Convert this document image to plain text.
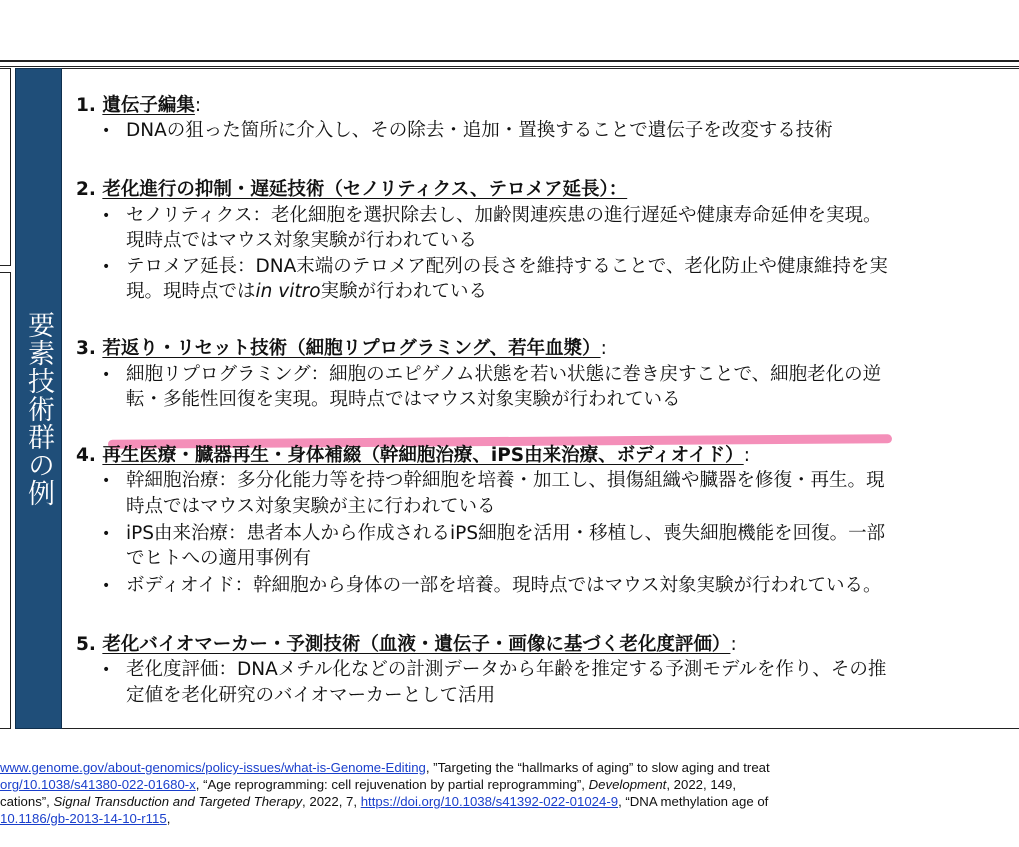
要素技術群の例
1. 遺伝子編集:
• DNAの狙った箇所に介入し、その除去・追加・置換することで遺伝子を改変する技術
2. 老化進行の抑制・遅延技術（セノリティクス、テロメア延長）：
• セノリティクス：老化細胞を選択除去し、加齢関連疾患の進行遅延や健康寿命延伸を実現。
現時点ではマウス対象実験が行われている
• テロメア延長：DNA末端のテロメア配列の長さを維持することで、老化防止や健康維持を実
現。現時点ではin vitro実験が行われている
3. 若返り・リセット技術（細胞リプログラミング、若年血漿）:
• 細胞リプログラミング：細胞のエピゲノム状態を若い状態に巻き戻すことで、細胞老化の逆
転・多能性回復を実現。現時点ではマウス対象実験が行われている
4. 再生医療・臓器再生・身体補綴（幹細胞治療、iPS由来治療、ボディオイド）:
• 幹細胞治療：多分化能力等を持つ幹細胞を培養・加工し、損傷組織や臓器を修復・再生。現
時点ではマウス対象実験が主に行われている
• iPS由来治療：患者本人から作成されるiPS細胞を活用・移植し、喪失細胞機能を回復。一部
でヒトへの適用事例有
• ボディオイド：幹細胞から身体の一部を培養。現時点ではマウス対象実験が行われている。
5. 老化バイオマーカー・予測技術（血液・遺伝子・画像に基づく老化度評価）:
• 老化度評価：DNAメチル化などの計測データから年齢を推定する予測モデルを作り、その推
定値を老化研究のバイオマーカーとして活用
www.genome.gov/about-genomics/policy-issues/what-is-Genome-Editing, ”Targeting the “hallmarks of aging” to slow aging and treat
org/10.1038/s41380-022-01680-x, “Age reprogramming: cell rejuvenation by partial reprogramming”, Development, 2022, 149,
cations”, Signal Transduction and Targeted Therapy, 2022, 7, https://doi.org/10.1038/s41392-022-01024-9, “DNA methylation age of
10.1186/gb-2013-14-10-r115,
